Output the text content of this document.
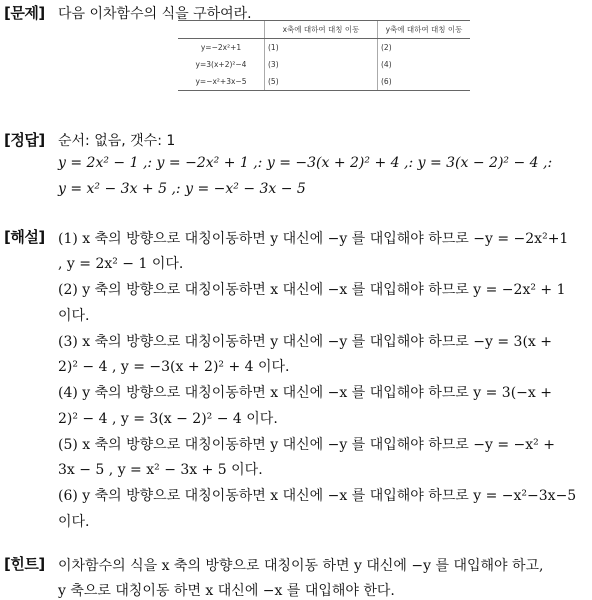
[문제] 다음 이차함수의 식을 구하여라.
	x축에 대하여 대칭 이동	y축에 대하여 대칭 이동
y=−2x²+1	(1)	(2)
y=3(x+2)²−4	(3)	(4)
y=−x²+3x−5	(5)	(6)
[정답] 순서: 없음, 갯수: 1
y = 2x² − 1 ,: y = −2x² + 1 ,: y = −3(x + 2)² + 4 ,: y = 3(x − 2)² − 4 ,:
y = x² − 3x + 5 ,: y = −x² − 3x − 5
[해설] (1) x 축의 방향으로 대칭이동하면 y 대신에 −y 를 대입해야 하므로 −y = −2x²+1
, y = 2x² − 1 이다.
(2) y 축의 방향으로 대칭이동하면 x 대신에 −x 를 대입해야 하므로 y = −2x² + 1
이다.
(3) x 축의 방향으로 대칭이동하면 y 대신에 −y 를 대입해야 하므로 −y = 3(x +
2)² − 4 , y = −3(x + 2)² + 4 이다.
(4) y 축의 방향으로 대칭이동하면 x 대신에 −x 를 대입해야 하므로 y = 3(−x +
2)² − 4 , y = 3(x − 2)² − 4 이다.
(5) x 축의 방향으로 대칭이동하면 y 대신에 −y 를 대입해야 하므로 −y = −x² +
3x − 5 , y = x² − 3x + 5 이다.
(6) y 축의 방향으로 대칭이동하면 x 대신에 −x 를 대입해야 하므로 y = −x²−3x−5
이다.
[힌트] 이차함수의 식을 x 축의 방향으로 대칭이동 하면 y 대신에 −y 를 대입해야 하고,
y 축으로 대칭이동 하면 x 대신에 −x 를 대입해야 한다.
